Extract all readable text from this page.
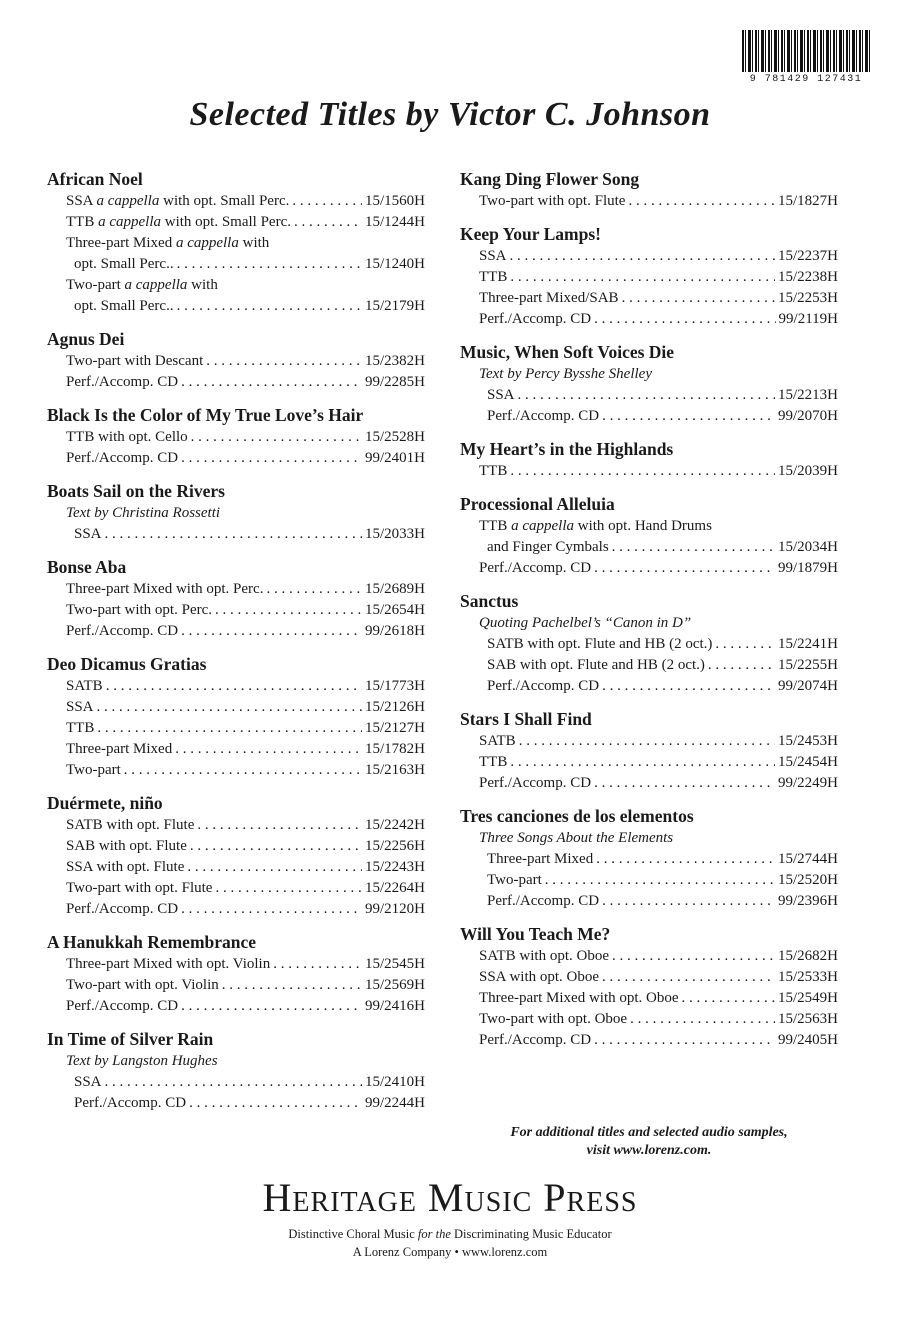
9 781429 127431
Selected Titles by Victor C. Johnson
African Noel
SSA a cappella with opt. Small Perc. . . .	15/1560H
TTB a cappella with opt. Small Perc. . . .	15/1244H
Three-part Mixed a cappella with
opt. Small Perc.. . . .	15/1240H
Two-part a cappella with
opt. Small Perc.. . . .	15/2179H
Agnus Dei
Two-part with Descant . . .	15/2382H
Perf./Accomp. CD . . .	99/2285H
Black Is the Color of My True Love’s Hair
TTB with opt. Cello . . .	15/2528H
Perf./Accomp. CD . . .	99/2401H
Boats Sail on the Rivers
Text by Christina Rossetti
SSA . . .	15/2033H
Bonse Aba
Three-part Mixed with opt. Perc. . . .	15/2689H
Two-part with opt. Perc. . . .	15/2654H
Perf./Accomp. CD . . .	99/2618H
Deo Dicamus Gratias
SATB . . .	15/1773H
SSA . . .	15/2126H
TTB . . .	15/2127H
Three-part Mixed . . .	15/1782H
Two-part . . .	15/2163H
Duérmete, niño
SATB with opt. Flute . . .	15/2242H
SAB with opt. Flute . . .	15/2256H
SSA with opt. Flute . . .	15/2243H
Two-part with opt. Flute . . .	15/2264H
Perf./Accomp. CD . . .	99/2120H
A Hanukkah Remembrance
Three-part Mixed with opt. Violin . . .	15/2545H
Two-part with opt. Violin . . .	15/2569H
Perf./Accomp. CD . . .	99/2416H
In Time of Silver Rain
Text by Langston Hughes
SSA . . .	15/2410H
Perf./Accomp. CD . . .	99/2244H
Kang Ding Flower Song
Two-part with opt. Flute . . .	15/1827H
Keep Your Lamps!
SSA . . .	15/2237H
TTB . . .	15/2238H
Three-part Mixed/SAB . . .	15/2253H
Perf./Accomp. CD . . .	99/2119H
Music, When Soft Voices Die
Text by Percy Bysshe Shelley
SSA . . .	15/2213H
Perf./Accomp. CD . . .	99/2070H
My Heart’s in the Highlands
TTB . . .	15/2039H
Processional Alleluia
TTB a cappella with opt. Hand Drums
and Finger Cymbals . . .	15/2034H
Perf./Accomp. CD . . .	99/1879H
Sanctus
Quoting Pachelbel’s “Canon in D”
SATB with opt. Flute and HB (2 oct.) . . .	15/2241H
SAB with opt. Flute and HB (2 oct.) . . .	15/2255H
Perf./Accomp. CD . . .	99/2074H
Stars I Shall Find
SATB . . .	15/2453H
TTB . . .	15/2454H
Perf./Accomp. CD . . .	99/2249H
Tres canciones de los elementos
Three Songs About the Elements
Three-part Mixed . . .	15/2744H
Two-part . . .	15/2520H
Perf./Accomp. CD . . .	99/2396H
Will You Teach Me?
SATB with opt. Oboe . . .	15/2682H
SSA with opt. Oboe . . .	15/2533H
Three-part Mixed with opt. Oboe . . .	15/2549H
Two-part with opt. Oboe . . .	15/2563H
Perf./Accomp. CD . . .	99/2405H
For additional titles and selected audio samples,
visit www.lorenz.com.
Heritage Music Press
Distinctive Choral Music for the Discriminating Music Educator
A Lorenz Company • www.lorenz.com
